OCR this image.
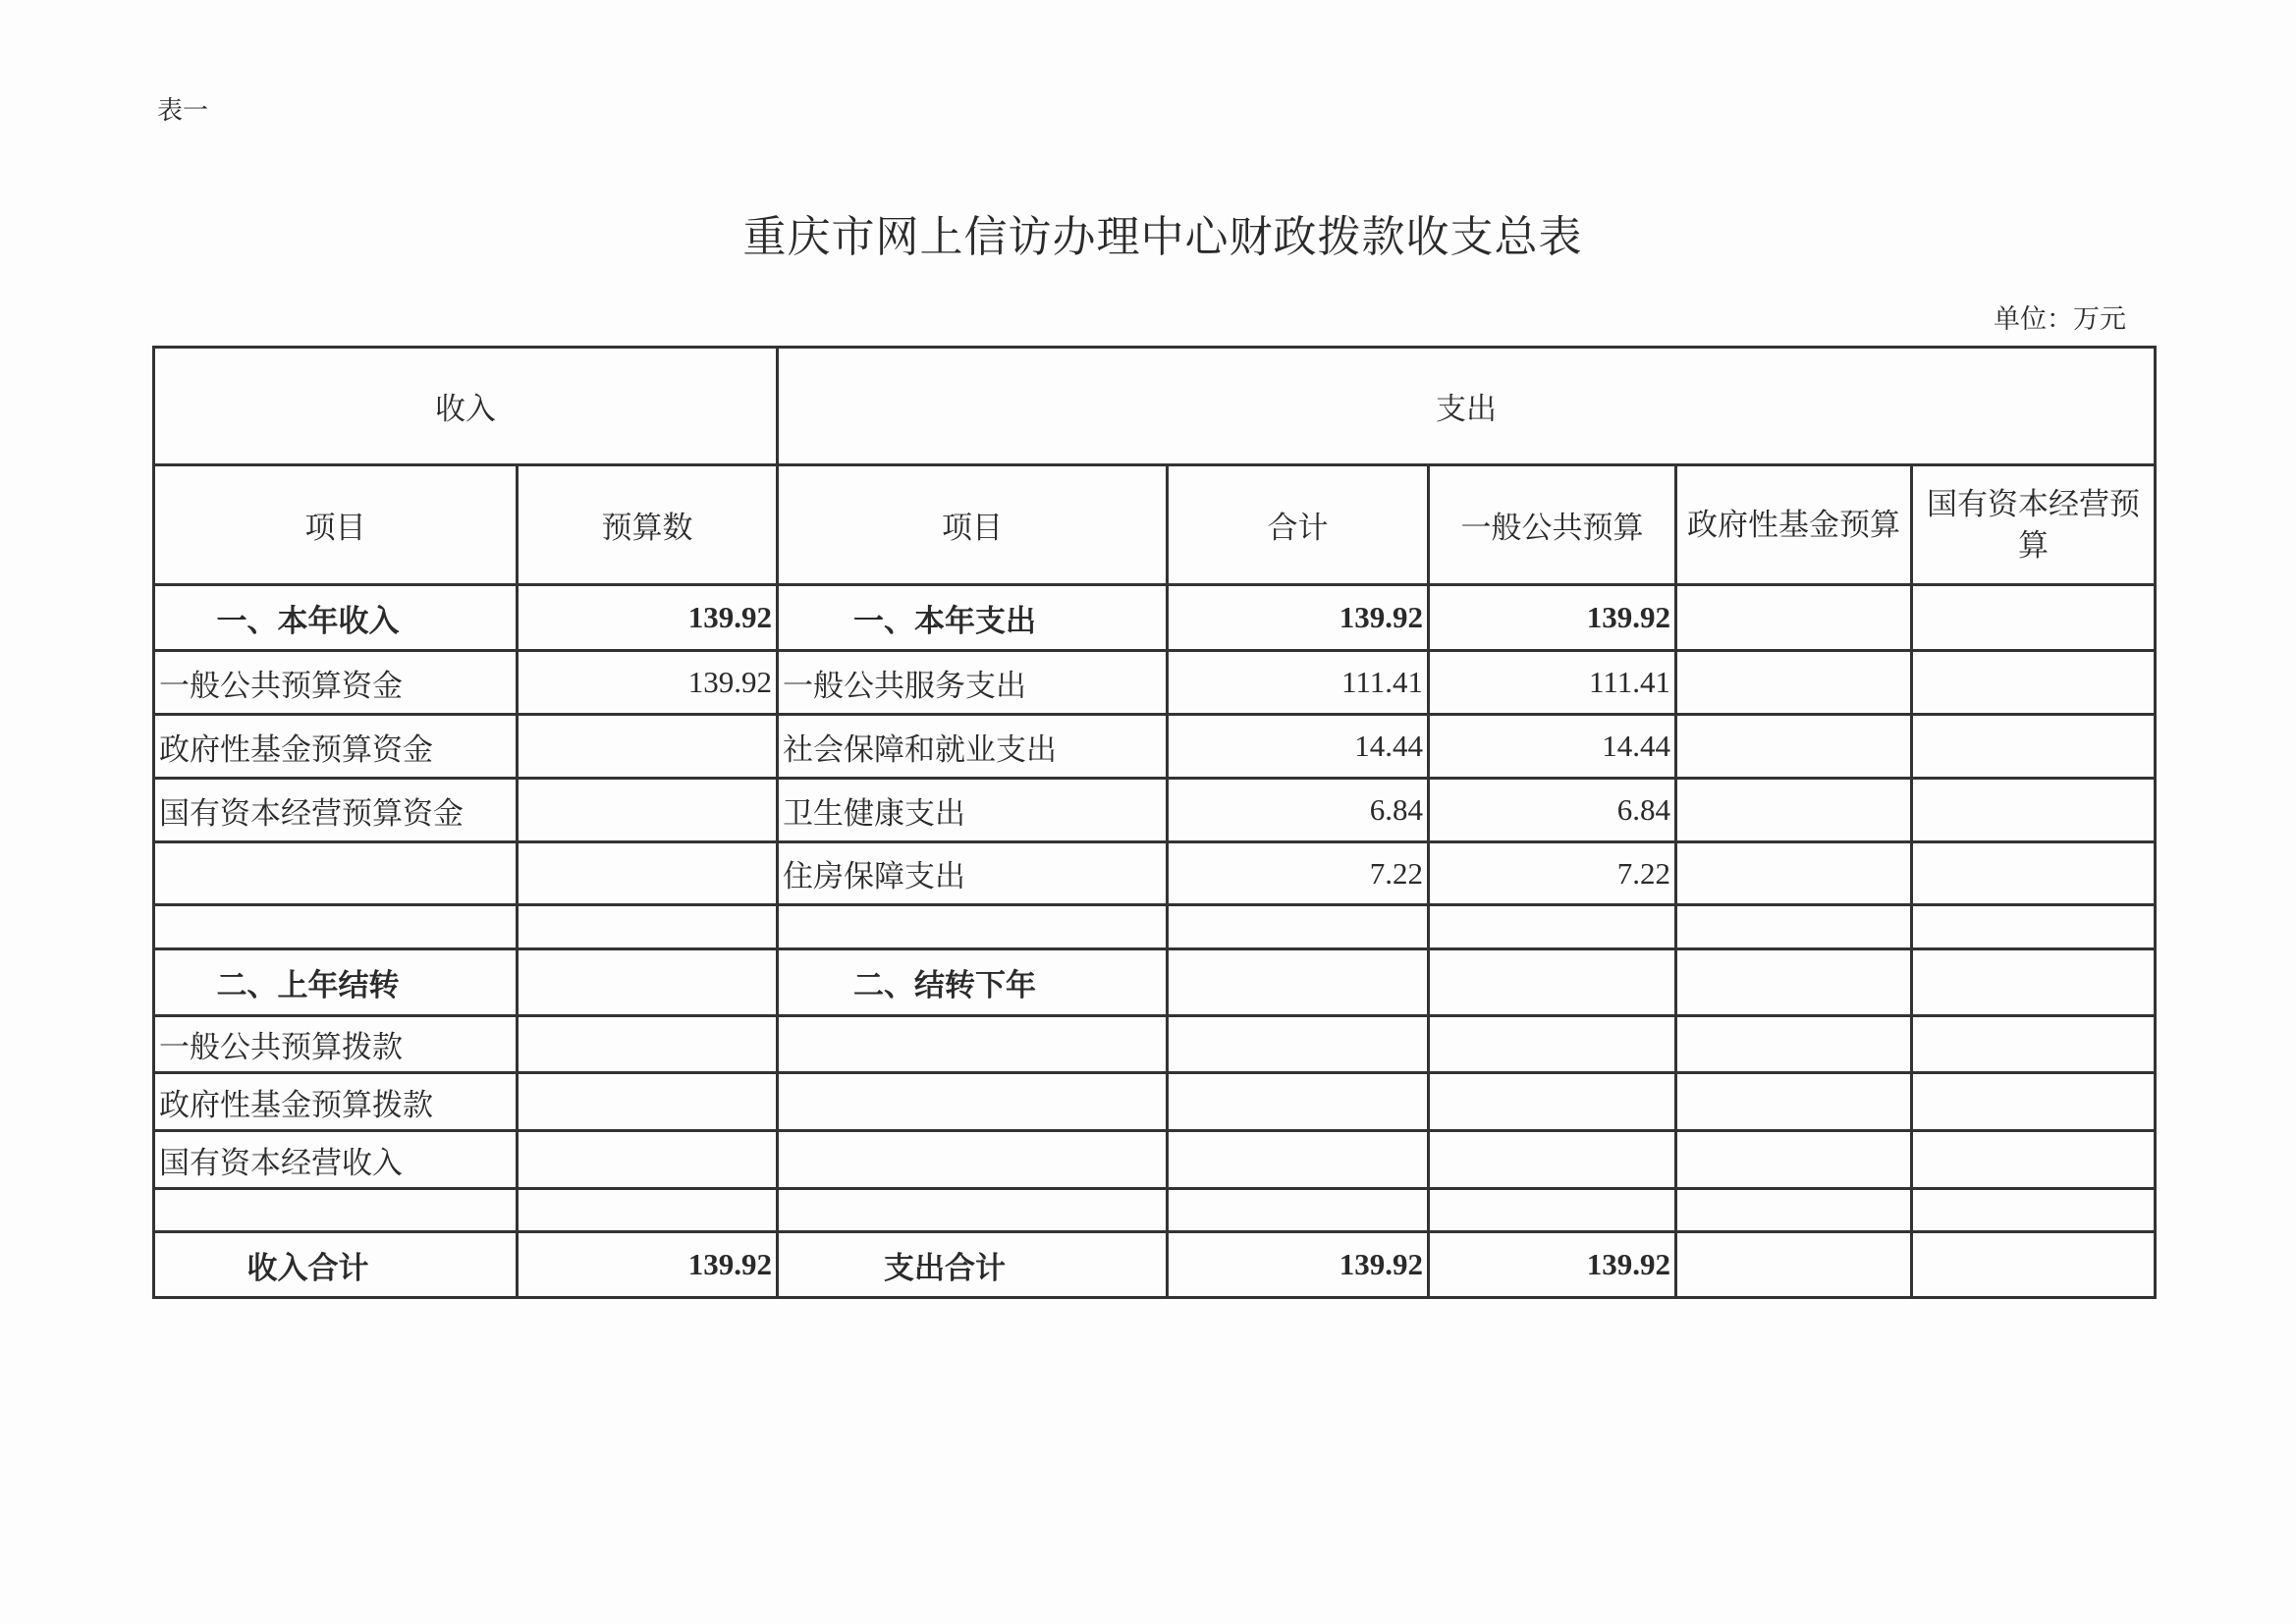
表一
重庆市网上信访办理中心财政拨款收支总表
单位：万元
收入		支出				
项目	预算数	项目	合计	一般公共预算	政府性基金预算	国有资本经营预算
一、本年收入	139.92	一、本年支出	139.92	139.92		
一般公共预算资金	139.92	一般公共服务支出	111.41	111.41		
政府性基金预算资金		社会保障和就业支出	14.44	14.44		
国有资本经营预算资金		卫生健康支出	6.84	6.84		
		住房保障支出	7.22	7.22		

二、上年结转		二、结转下年				
一般公共预算拨款						
政府性基金预算拨款						
国有资本经营收入						

收入合计	139.92	支出合计	139.92	139.92		
